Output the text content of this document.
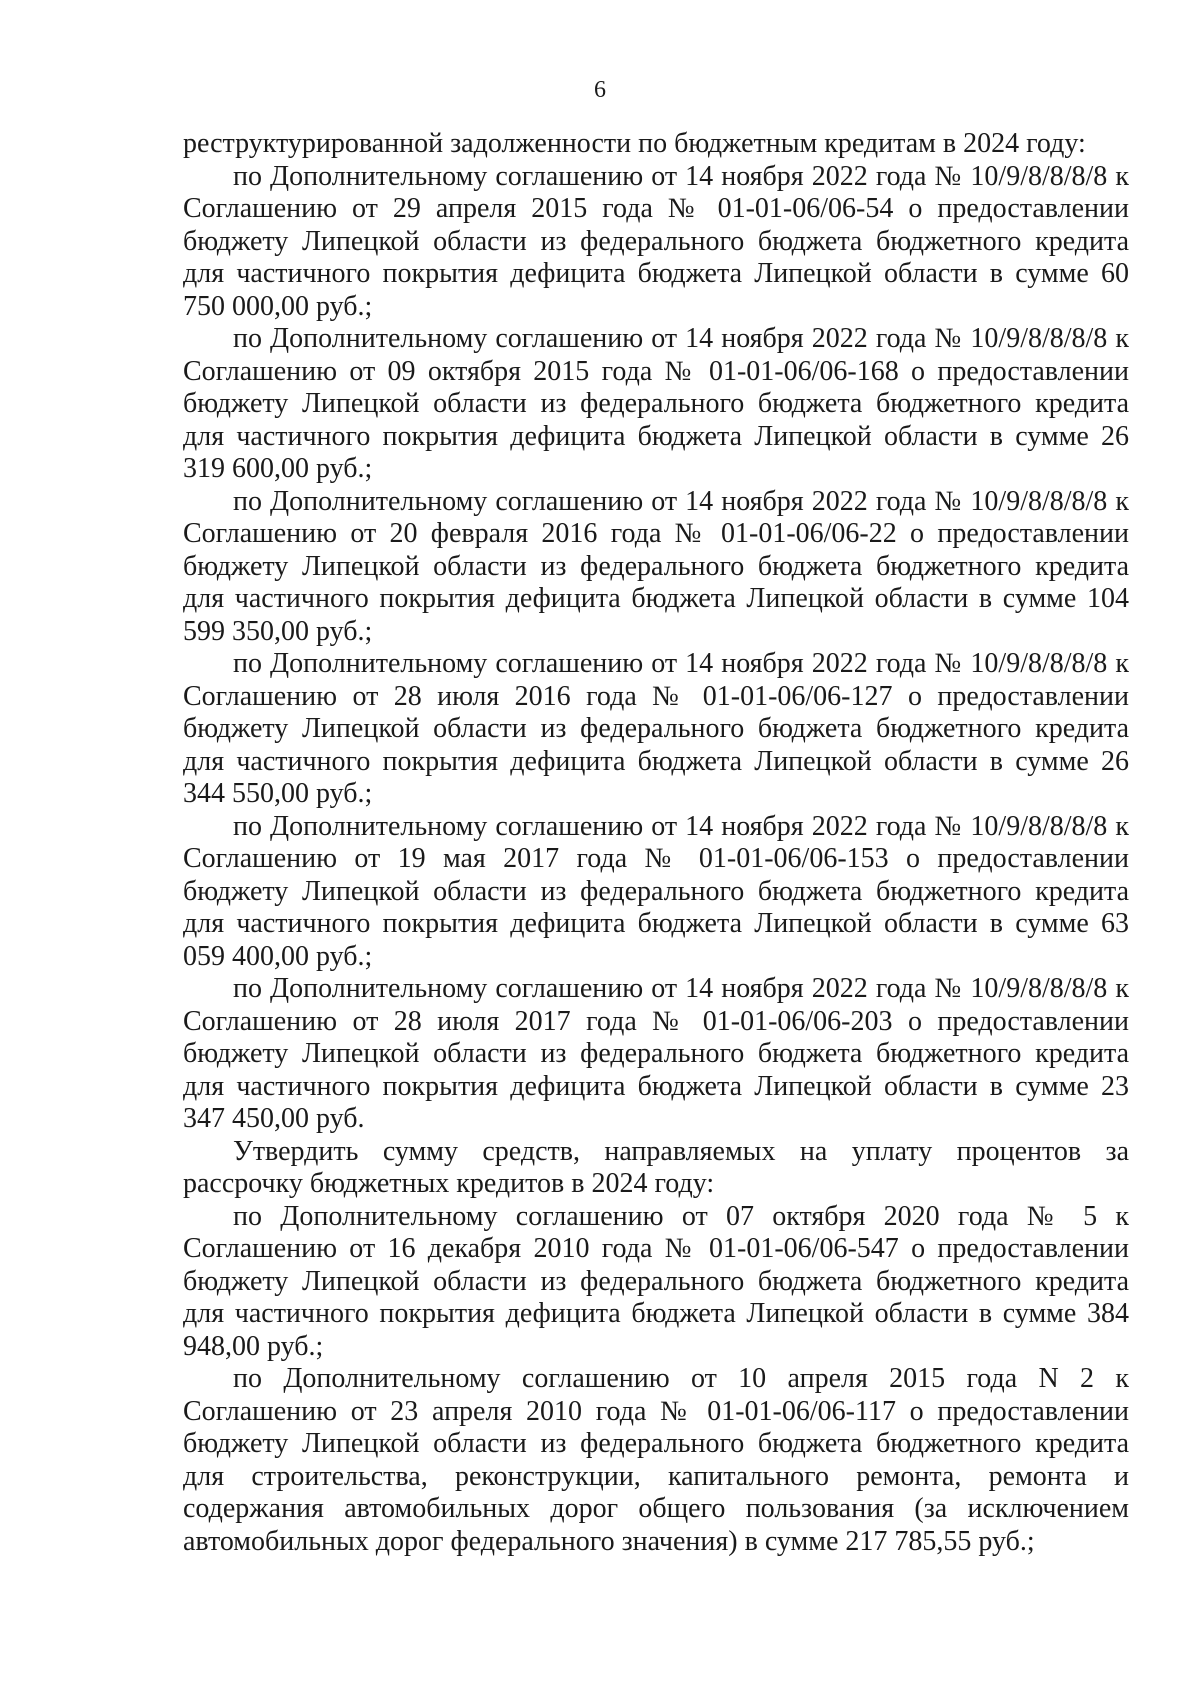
6

реструктурированной задолженности по бюджетным кредитам в 2024 году:

по Дополнительному соглашению от 14 ноября 2022 года № 10/9/8/8/8/8 к Соглашению от 29 апреля 2015 года № 01-01-06/06-54 о предоставлении бюджету Липецкой области из федерального бюджета бюджетного кредита для частичного покрытия дефицита бюджета Липецкой области в сумме 60 750 000,00 руб.;

по Дополнительному соглашению от 14 ноября 2022 года № 10/9/8/8/8/8 к Соглашению от 09 октября 2015 года № 01-01-06/06-168 о предоставлении бюджету Липецкой области из федерального бюджета бюджетного кредита для частичного покрытия дефицита бюджета Липецкой области в сумме 26 319 600,00 руб.;

по Дополнительному соглашению от 14 ноября 2022 года № 10/9/8/8/8/8 к Соглашению от 20 февраля 2016 года № 01-01-06/06-22 о предоставлении бюджету Липецкой области из федерального бюджета бюджетного кредита для частичного покрытия дефицита бюджета Липецкой области в сумме 104 599 350,00 руб.;

по Дополнительному соглашению от 14 ноября 2022 года № 10/9/8/8/8/8 к Соглашению от 28 июля 2016 года № 01-01-06/06-127 о предоставлении бюджету Липецкой области из федерального бюджета бюджетного кредита для частичного покрытия дефицита бюджета Липецкой области в сумме 26 344 550,00 руб.;

по Дополнительному соглашению от 14 ноября 2022 года № 10/9/8/8/8/8 к Соглашению от 19 мая 2017 года № 01-01-06/06-153 о предоставлении бюджету Липецкой области из федерального бюджета бюджетного кредита для частичного покрытия дефицита бюджета Липецкой области в сумме 63 059 400,00 руб.;

по Дополнительному соглашению от 14 ноября 2022 года № 10/9/8/8/8/8 к Соглашению от 28 июля 2017 года № 01-01-06/06-203 о предоставлении бюджету Липецкой области из федерального бюджета бюджетного кредита для частичного покрытия дефицита бюджета Липецкой области в сумме 23 347 450,00 руб.

Утвердить сумму средств, направляемых на уплату процентов за рассрочку бюджетных кредитов в 2024 году:

по Дополнительному соглашению от 07 октября 2020 года № 5 к Соглашению от 16 декабря 2010 года № 01-01-06/06-547 о предоставлении бюджету Липецкой области из федерального бюджета бюджетного кредита для частичного покрытия дефицита бюджета Липецкой области в сумме 384 948,00 руб.;

по Дополнительному соглашению от 10 апреля 2015 года N 2 к Соглашению от 23 апреля 2010 года № 01-01-06/06-117 о предоставлении бюджету Липецкой области из федерального бюджета бюджетного кредита для строительства, реконструкции, капитального ремонта, ремонта и содержания автомобильных дорог общего пользования (за исключением автомобильных дорог федерального значения) в сумме 217 785,55 руб.;
